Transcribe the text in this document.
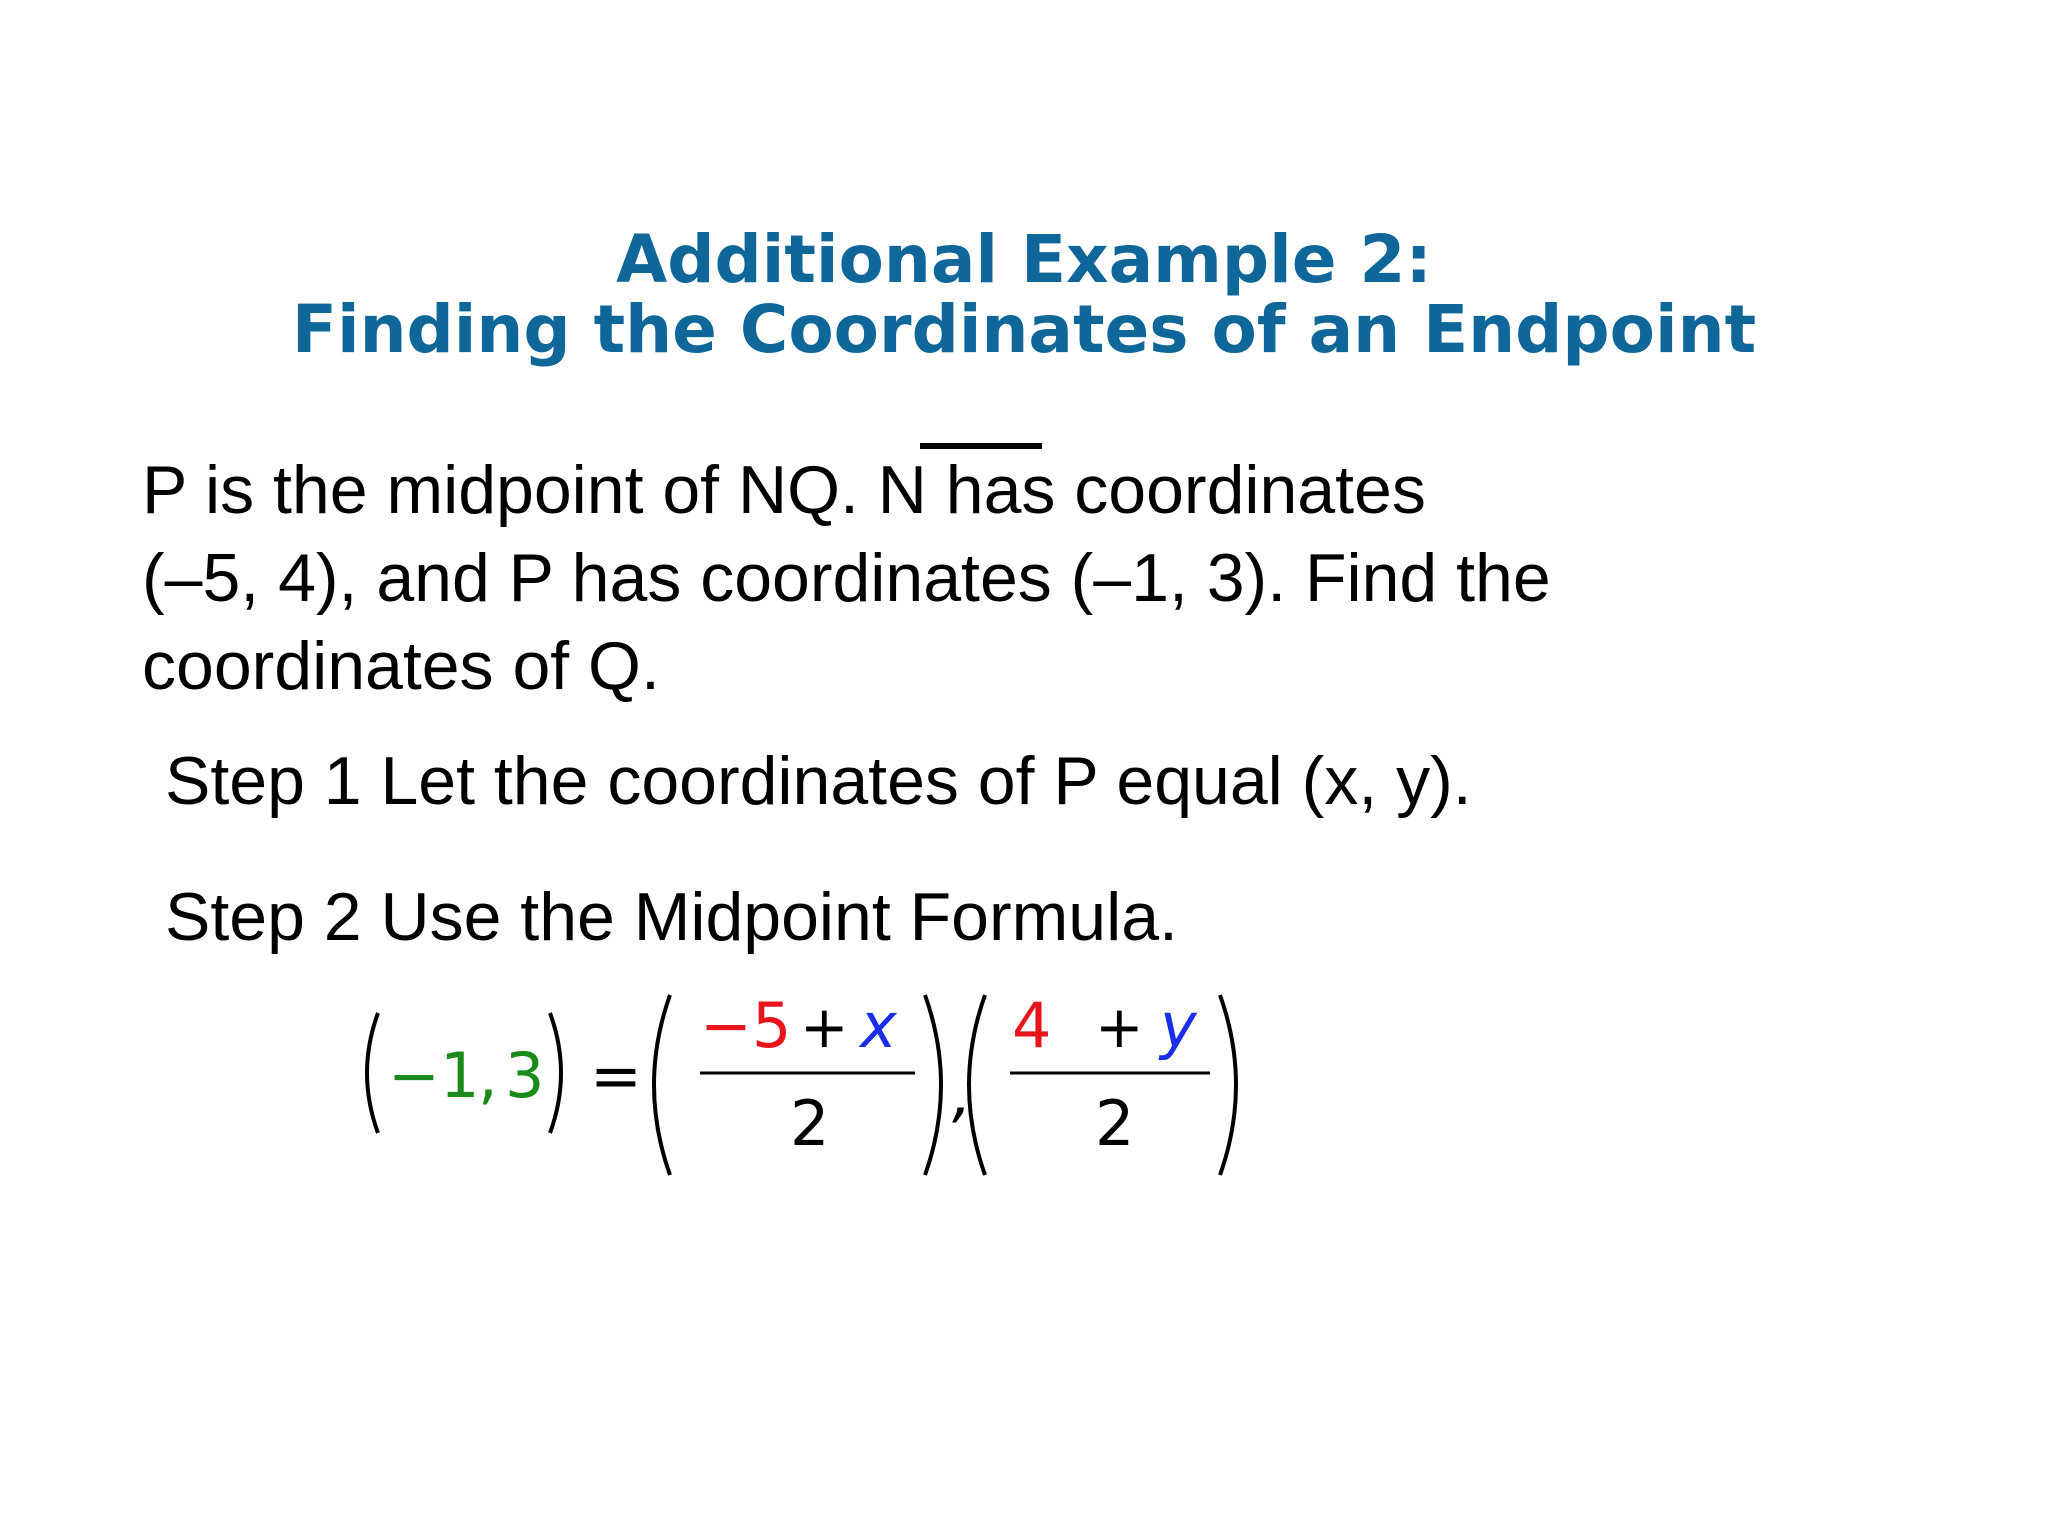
Additional Example 2:
Finding the Coordinates of an Endpoint
P is the midpoint of NQ. N has coordinates
(–5, 4), and P has coordinates (–1, 3). Find the
coordinates of Q.
Step 1 Let the coordinates of P equal (x, y).
Step 2 Use the Midpoint Formula.
−1
, 3 =
−5 + x
2 ,
4 + y
2
